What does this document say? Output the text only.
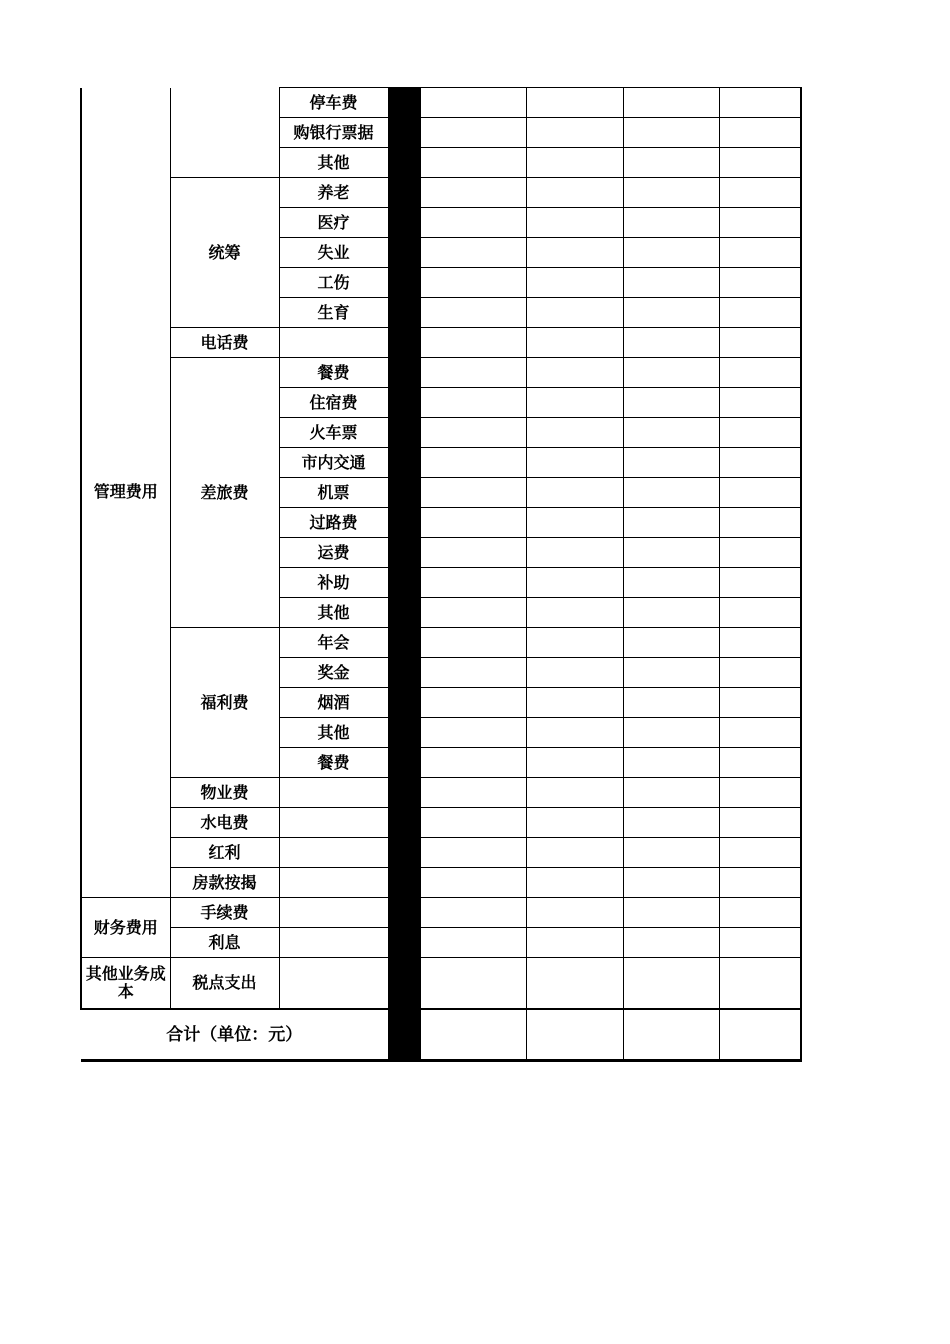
管理费用		停车费					
		购银行票据					
		其他					
	统筹	养老					
		医疗					
		失业					
		工伤					
		生育					
	电话费						
	差旅费	餐费					
		住宿费					
		火车票					
		市内交通					
		机票					
		过路费					
		运费					
		补助					
		其他					
	福利费	年会					
		奖金					
		烟酒					
		其他					
		餐费					
	物业费						
	水电费						
	红利						
	房款按揭						
财务费用	手续费						
	利息						
其他业务成本	税点支出						
合计（单位：元）							
